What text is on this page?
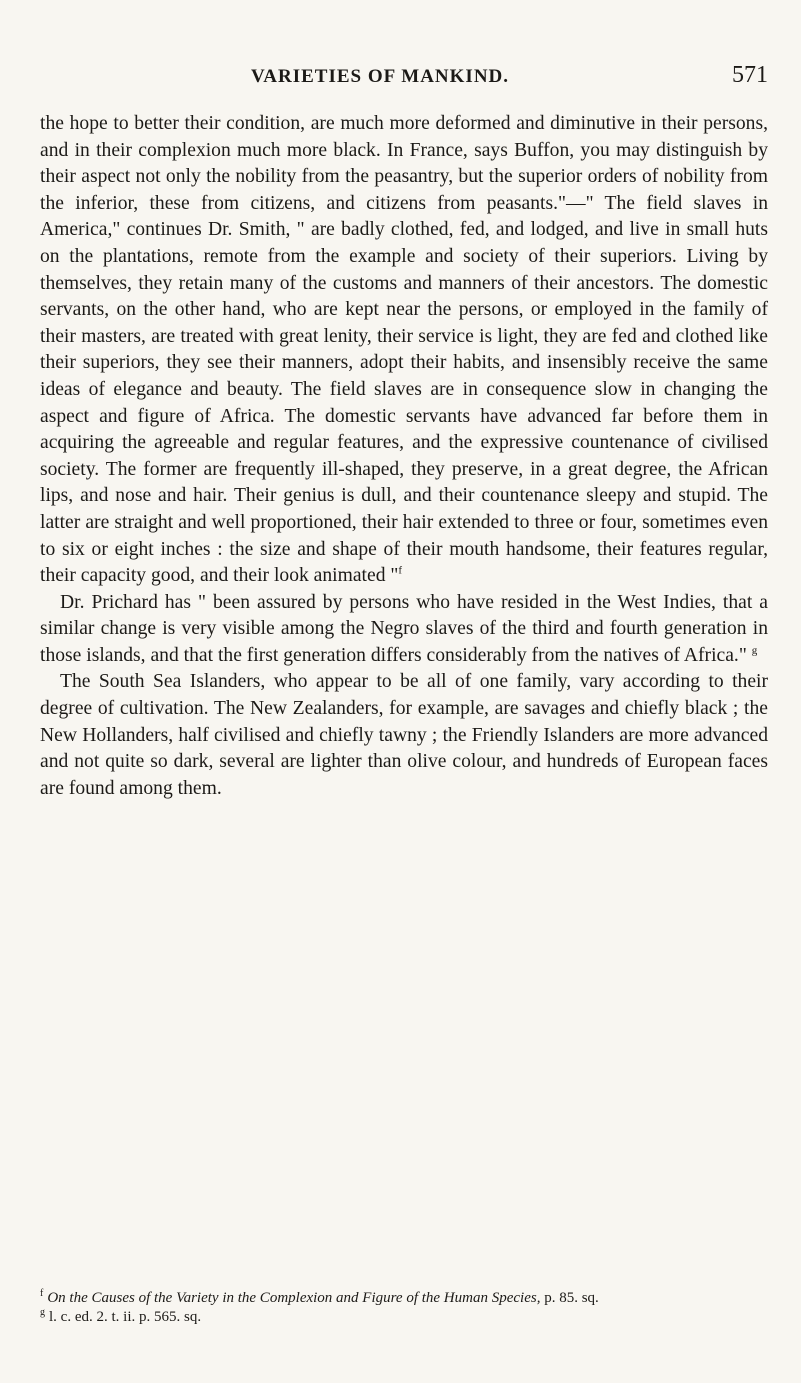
VARIETIES OF MANKIND.	571

the hope to better their condition, are much more deformed and diminutive in their persons, and in their complexion much more black. In France, says Buffon, you may distinguish by their aspect not only the nobility from the peasantry, but the superior orders of nobility from the inferior, these from citizens, and citizens from peasants."—" The field slaves in America," continues Dr. Smith, " are badly clothed, fed, and lodged, and live in small huts on the plantations, remote from the example and society of their superiors. Living by themselves, they retain many of the customs and manners of their ancestors. The domestic servants, on the other hand, who are kept near the persons, or employed in the family of their masters, are treated with great lenity, their service is light, they are fed and clothed like their superiors, they see their manners, adopt their habits, and insensibly receive the same ideas of elegance and beauty. The field slaves are in consequence slow in changing the aspect and figure of Africa. The domestic servants have advanced far before them in acquiring the agreeable and regular features, and the expressive countenance of civilised society. The former are frequently ill-shaped, they preserve, in a great degree, the African lips, and nose and hair. Their genius is dull, and their countenance sleepy and stupid. The latter are straight and well proportioned, their hair extended to three or four, sometimes even to six or eight inches : the size and shape of their mouth handsome, their features regular, their capacity good, and their look animated "$^f$

Dr. Prichard has " been assured by persons who have resided in the West Indies, that a similar change is very visible among the Negro slaves of the third and fourth generation in those islands, and that the first generation differs considerably from the natives of Africa." $^g$

The South Sea Islanders, who appear to be all of one family, vary according to their degree of cultivation. The New Zealanders, for example, are savages and chiefly black ; the New Hollanders, half civilised and chiefly tawny ; the Friendly Islanders are more advanced and not quite so dark, several are lighter than olive colour, and hundreds of European faces are found among them.

$^f$ On the Causes of the Variety in the Complexion and Figure of the Human Species, p. 85. sq.

$^g$ l. c. ed. 2. t. ii. p. 565. sq.
